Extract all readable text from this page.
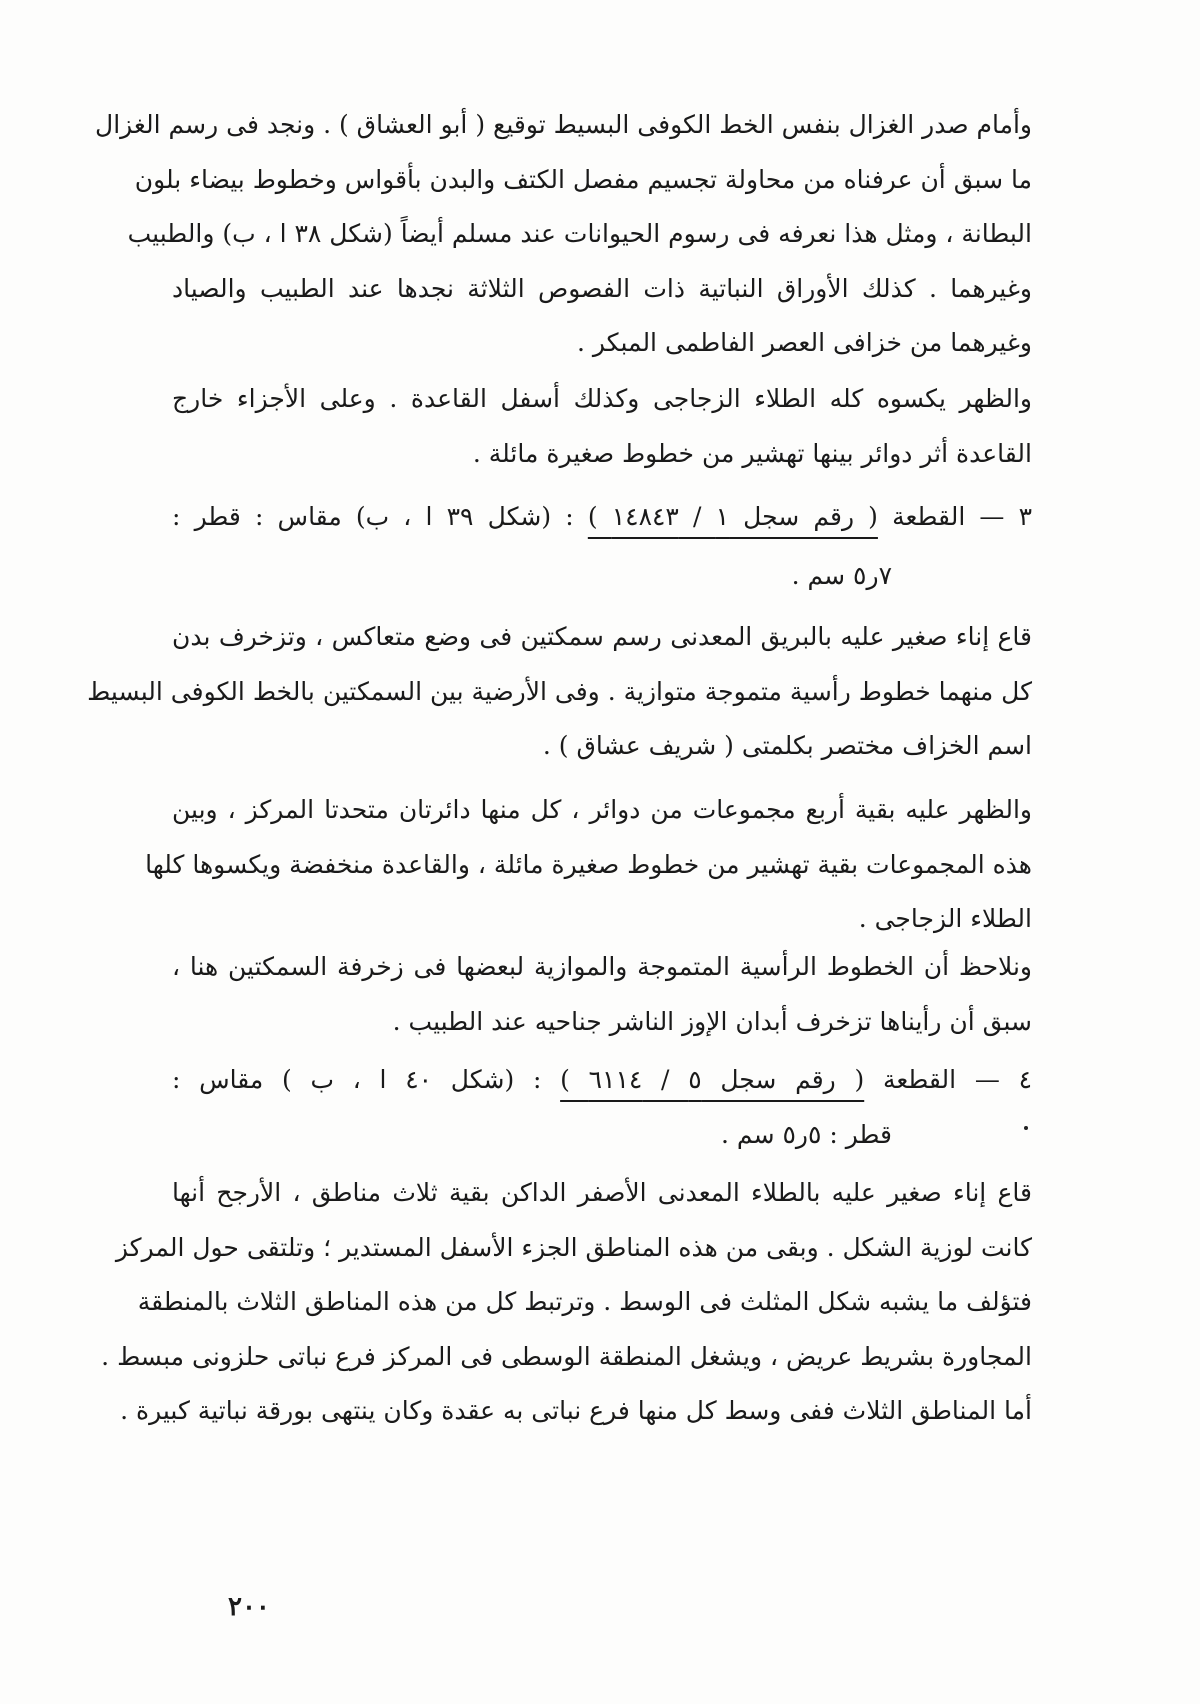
وأمام صدر الغزال بنفس الخط الكوفى البسيط توقيع ( أبو العشاق ) . ونجد فى رسم الغزال
ما سبق أن عرفناه من محاولة تجسيم مفصل الكتف والبدن بأقواس وخطوط بيضاء بلون
البطانة ، ومثل هذا نعرفه فى رسوم الحيوانات عند مسلم أيضاً (شكل ٣٨ ا ، ب) والطبيب
وغيرهما . كذلك الأوراق النباتية ذات الفصوص الثلاثة نجدها عند الطبيب والصياد
وغيرهما من خزافى العصر الفاطمى المبكر .
والظهر يكسوه كله الطلاء الزجاجى وكذلك أسفل القاعدة . وعلى الأجزاء خارج
القاعدة أثر دوائر بينها تهشير من خطوط صغيرة مائلة .
٣ — القطعة ( رقم سجل ١ / ١٤٨٤٣ ) : (شكل ٣٩ ا ، ب) مقاس : قطر :
٧ر٥ سم .
قاع إناء صغير عليه بالبريق المعدنى رسم سمكتين فى وضع متعاكس ، وتزخرف بدن
كل منهما خطوط رأسية متموجة متوازية . وفى الأرضية بين السمكتين بالخط الكوفى البسيط
اسم الخزاف مختصر بكلمتى ( شريف عشاق ) .
والظهر عليه بقية أربع مجموعات من دوائر ، كل منها دائرتان متحدتا المركز ، وبين
هذه المجموعات بقية تهشير من خطوط صغيرة مائلة ، والقاعدة منخفضة ويكسوها كلها
الطلاء الزجاجى .
ونلاحظ أن الخطوط الرأسية المتموجة والموازية لبعضها فى زخرفة السمكتين هنا ،
سبق أن رأيناها تزخرف أبدان الإوز الناشر جناحيه عند الطبيب .
٤ — القطعة ( رقم سجل ٥ / ٦١١٤ ) : (شكل ٤٠ ا ، ب ) مقاس :
قطر : ٥ر٥ سم .
قاع إناء صغير عليه بالطلاء المعدنى الأصفر الداكن بقية ثلاث مناطق ، الأرجح أنها
كانت لوزية الشكل . وبقى من هذه المناطق الجزء الأسفل المستدير ؛ وتلتقى حول المركز
فتؤلف ما يشبه شكل المثلث فى الوسط . وترتبط كل من هذه المناطق الثلاث بالمنطقة
المجاورة بشريط عريض ، ويشغل المنطقة الوسطى فى المركز فرع نباتى حلزونى مبسط .
أما المناطق الثلاث ففى وسط كل منها فرع نباتى به عقدة وكان ينتهى بورقة نباتية كبيرة .
٢٠٠
